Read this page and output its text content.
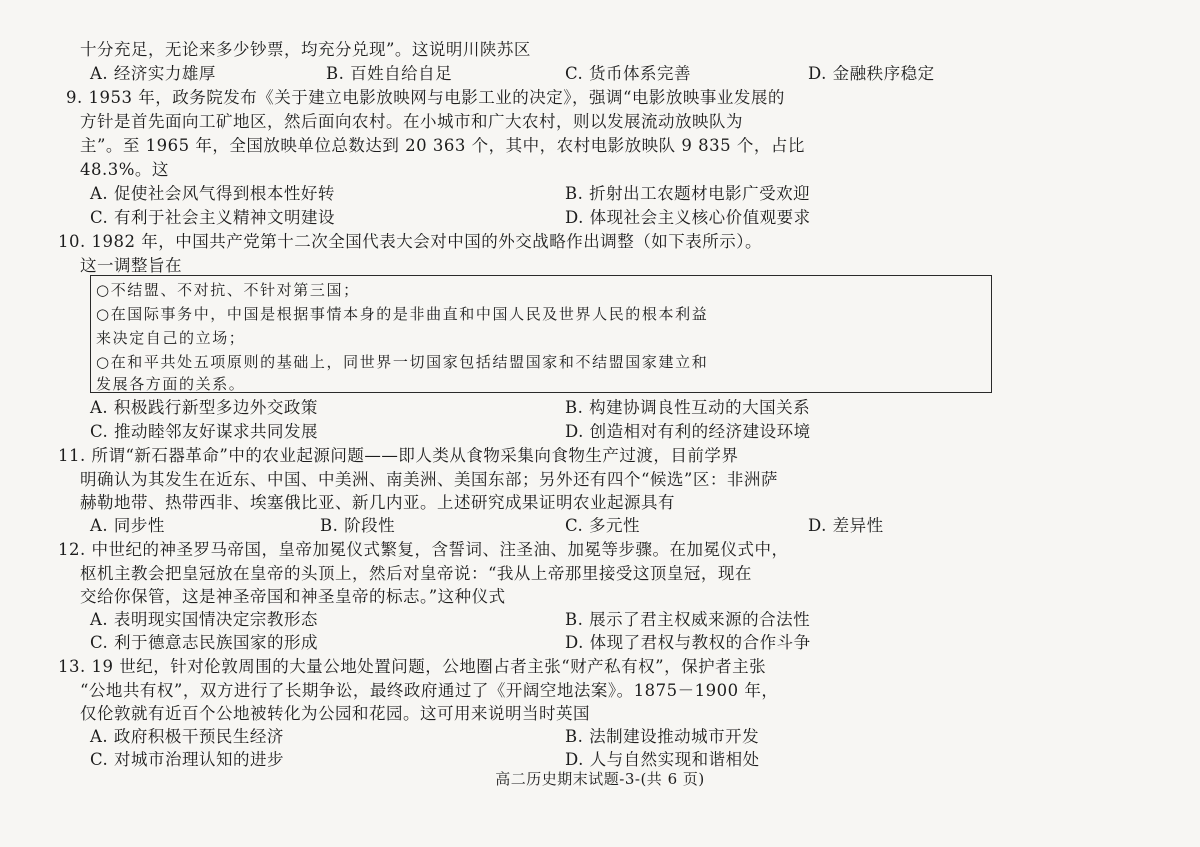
十分充足，无论来多少钞票，均充分兑现”。这说明川陕苏区
A. 经济实力雄厚	B. 百姓自给自足	C. 货币体系完善	D. 金融秩序稳定
9. 1953 年，政务院发布《关于建立电影放映网与电影工业的决定》，强调“电影放映事业发展的
方针是首先面向工矿地区，然后面向农村。在小城市和广大农村，则以发展流动放映队为
主”。至 1965 年，全国放映单位总数达到 20 363 个，其中，农村电影放映队 9 835 个，占比
48.3%。这
A. 促使社会风气得到根本性好转	B. 折射出工农题材电影广受欢迎
C. 有利于社会主义精神文明建设	D. 体现社会主义核心价值观要求
10. 1982 年，中国共产党第十二次全国代表大会对中国的外交战略作出调整（如下表所示）。
这一调整旨在
○不结盟、不对抗、不针对第三国；
○在国际事务中，中国是根据事情本身的是非曲直和中国人民及世界人民的根本利益
来决定自己的立场；
○在和平共处五项原则的基础上，同世界一切国家包括结盟国家和不结盟国家建立和
发展各方面的关系。
A. 积极践行新型多边外交政策	B. 构建协调良性互动的大国关系
C. 推动睦邻友好谋求共同发展	D. 创造相对有利的经济建设环境
11. 所谓“新石器革命”中的农业起源问题——即人类从食物采集向食物生产过渡，目前学界
明确认为其发生在近东、中国、中美洲、南美洲、美国东部；另外还有四个“候选”区：非洲萨
赫勒地带、热带西非、埃塞俄比亚、新几内亚。上述研究成果证明农业起源具有
A. 同步性	B. 阶段性	C. 多元性	D. 差异性
12. 中世纪的神圣罗马帝国，皇帝加冕仪式繁复，含誓词、注圣油、加冕等步骤。在加冕仪式中，
枢机主教会把皇冠放在皇帝的头顶上，然后对皇帝说：“我从上帝那里接受这顶皇冠，现在
交给你保管，这是神圣帝国和神圣皇帝的标志。”这种仪式
A. 表明现实国情决定宗教形态	B. 展示了君主权威来源的合法性
C. 利于德意志民族国家的形成	D. 体现了君权与教权的合作斗争
13. 19 世纪，针对伦敦周围的大量公地处置问题，公地圈占者主张“财产私有权”，保护者主张
“公地共有权”，双方进行了长期争讼，最终政府通过了《开阔空地法案》。1875－1900 年，
仅伦敦就有近百个公地被转化为公园和花园。这可用来说明当时英国
A. 政府积极干预民生经济	B. 法制建设推动城市开发
C. 对城市治理认知的进步	D. 人与自然实现和谐相处
高二历史期末试题-3-(共 6 页)
